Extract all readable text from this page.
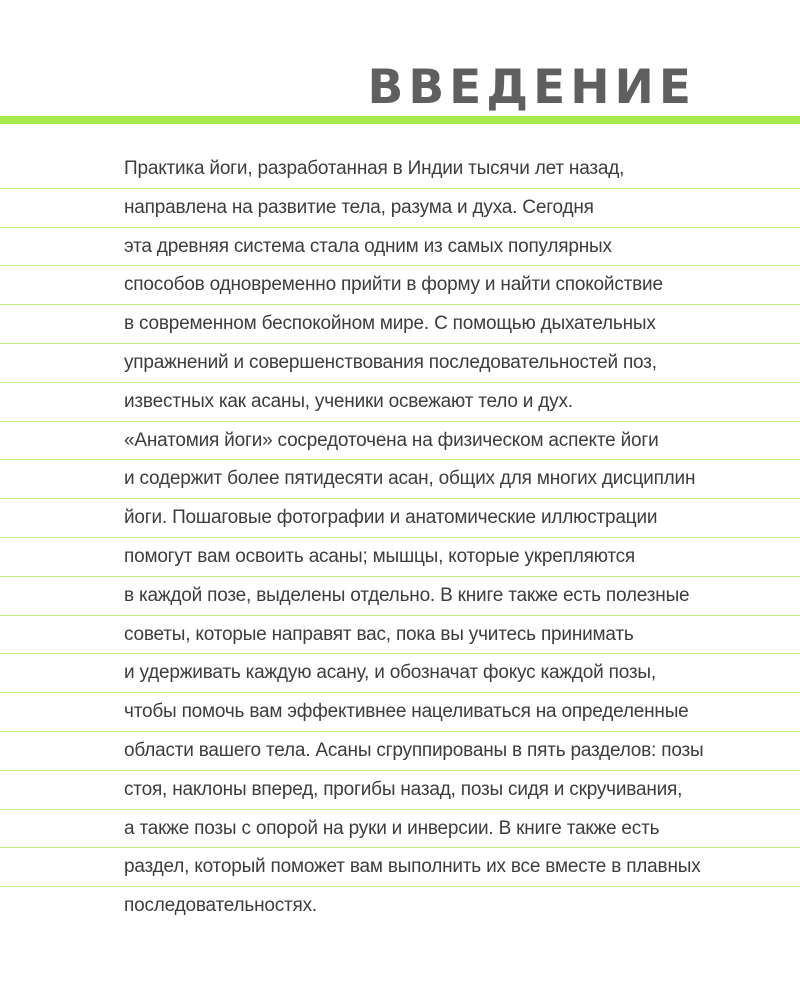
ВВЕДЕНИЕ
Практика йоги, разработанная в Индии тысячи лет назад,
направлена на развитие тела, разума и духа. Сегодня
эта древняя система стала одним из самых популярных
способов одновременно прийти в форму и найти спокойствие
в современном беспокойном мире. С помощью дыхательных
упражнений и совершенствования последовательностей поз,
известных как асаны, ученики освежают тело и дух.
«Анатомия йоги» сосредоточена на физическом аспекте йоги
и содержит более пятидесяти асан, общих для многих дисциплин
йоги. Пошаговые фотографии и анатомические иллюстрации
помогут вам освоить асаны; мышцы, которые укрепляются
в каждой позе, выделены отдельно. В книге также есть полезные
советы, которые направят вас, пока вы учитесь принимать
и удерживать каждую асану, и обозначат фокус каждой позы,
чтобы помочь вам эффективнее нацеливаться на определенные
области вашего тела. Асаны сгруппированы в пять разделов: позы
стоя, наклоны вперед, прогибы назад, позы сидя и скручивания,
а также позы с опорой на руки и инверсии. В книге также есть
раздел, который поможет вам выполнить их все вместе в плавных
последовательностях.
